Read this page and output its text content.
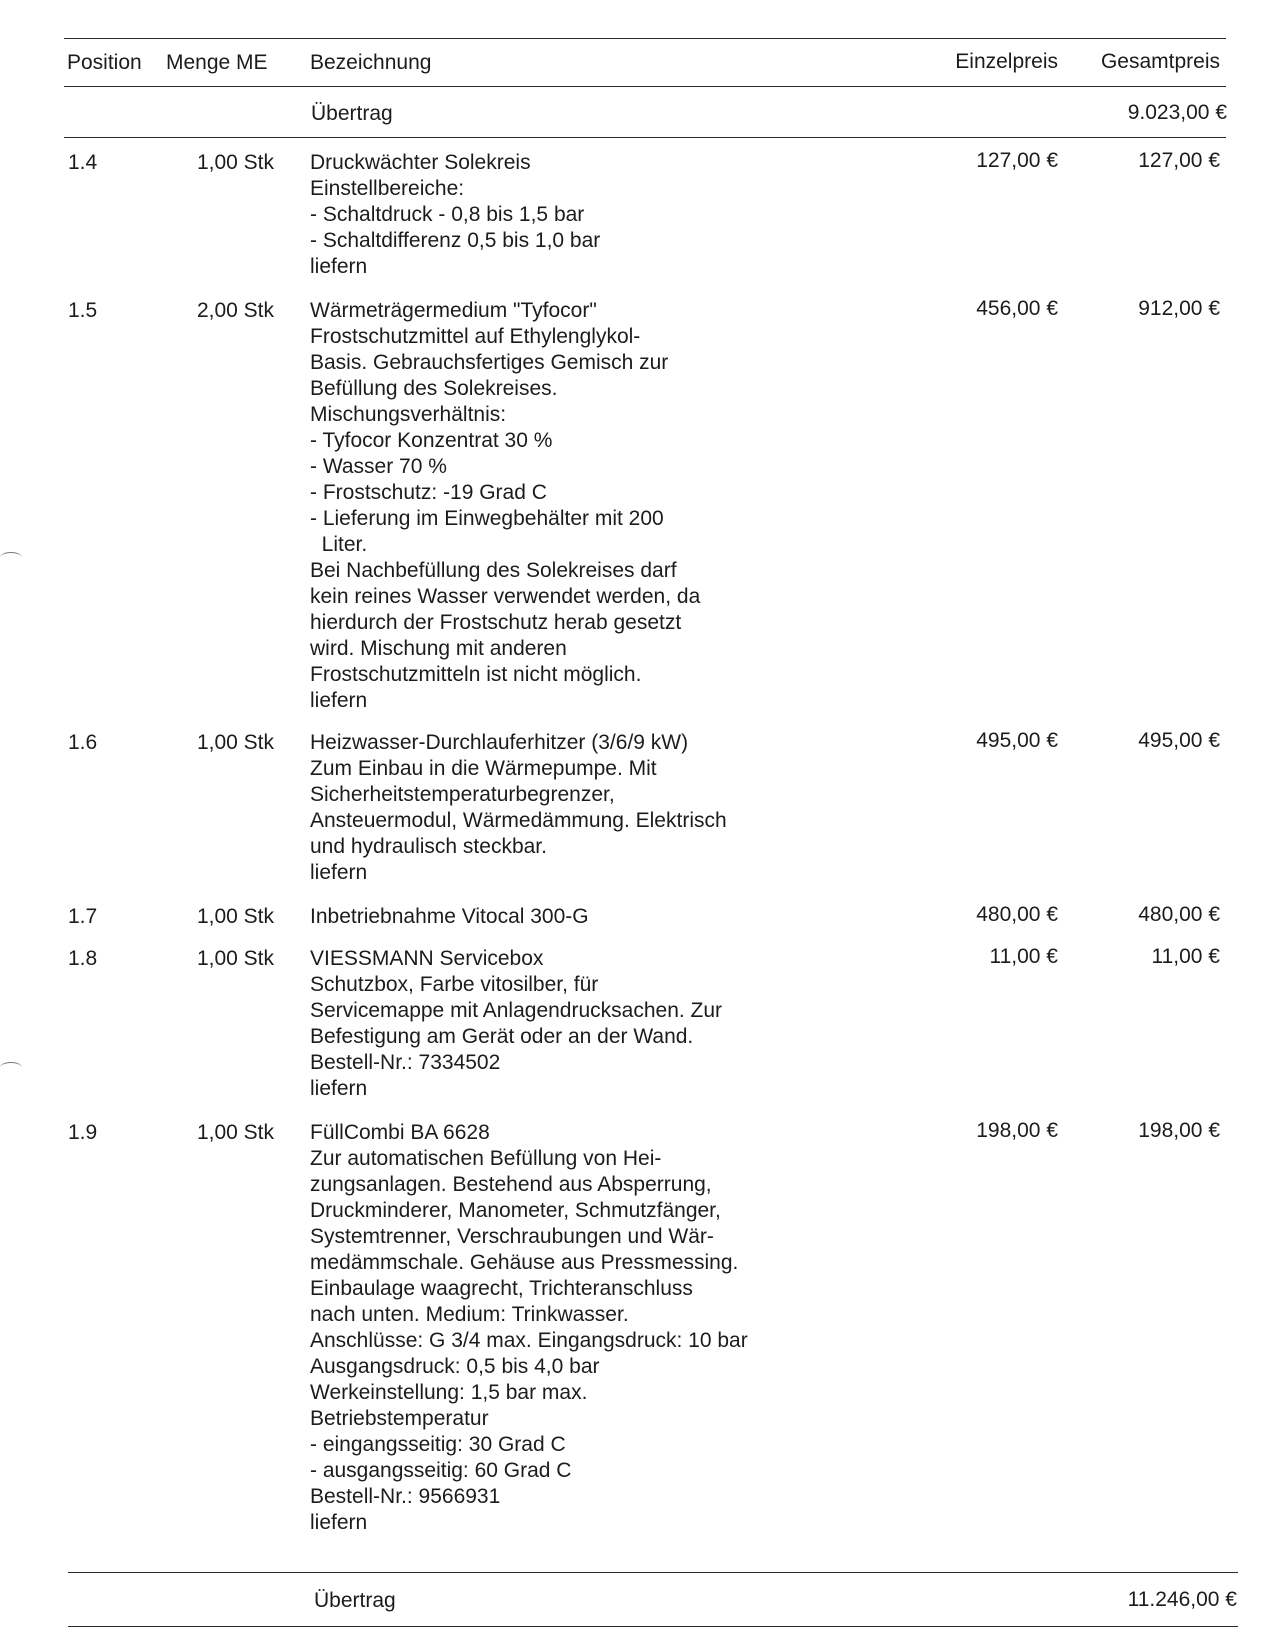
Position Menge ME Bezeichnung	Einzelpreis	Gesamtpreis
Übertrag	9.023,00 €
1.4	1,00 Stk Druckwächter Solekreis
Einstellbereiche:
- Schaltdruck - 0,8 bis 1,5 bar
- Schaltdifferenz 0,5 bis 1,0 bar
liefern
127,00 €	127,00 €
1.5	2,00 Stk Wärmeträgermedium "Tyfocor"
Frostschutzmittel auf Ethylenglykol-
Basis. Gebrauchsfertiges Gemisch zur
Befüllung des Solekreises.
Mischungsverhältnis:
- Tyfocor Konzentrat 30 %
- Wasser 70 %
- Frostschutz: -19 Grad C
- Lieferung im Einwegbehälter mit 200
Liter.
Bei Nachbefüllung des Solekreises darf
kein reines Wasser verwendet werden, da
hierdurch der Frostschutz herab gesetzt
wird. Mischung mit anderen
Frostschutzmitteln ist nicht möglich.
liefern
456,00 €	912,00 €
1.6	1,00 Stk Heizwasser-Durchlauferhitzer (3/6/9 kW)
Zum Einbau in die Wärmepumpe. Mit
Sicherheitstemperaturbegrenzer,
Ansteuermodul, Wärmedämmung. Elektrisch
und hydraulisch steckbar.
liefern
495,00 €	495,00 €
1.7	1,00 Stk Inbetriebnahme Vitocal 300-G	480,00 €	480,00 €
1.8	1,00 Stk VIESSMANN Servicebox
Schutzbox, Farbe vitosilber, für
Servicemappe mit Anlagendrucksachen. Zur
Befestigung am Gerät oder an der Wand.
Bestell-Nr.: 7334502
liefern
11,00 €	11,00 €
1.9	1,00 Stk FüllCombi BA 6628
Zur automatischen Befüllung von Hei-
zungsanlagen. Bestehend aus Absperrung,
Druckminderer, Manometer, Schmutzfänger,
Systemtrenner, Verschraubungen und Wär-
medämmschale. Gehäuse aus Pressmessing.
Einbaulage waagrecht, Trichteranschluss
nach unten. Medium: Trinkwasser.
Anschlüsse: G 3/4 max. Eingangsdruck: 10 bar
Ausgangsdruck: 0,5 bis 4,0 bar
Werkeinstellung: 1,5 bar max.
Betriebstemperatur
- eingangsseitig: 30 Grad C
- ausgangsseitig: 60 Grad C
Bestell-Nr.: 9566931
liefern
198,00 €	198,00 €
Übertrag	11.246,00 €
